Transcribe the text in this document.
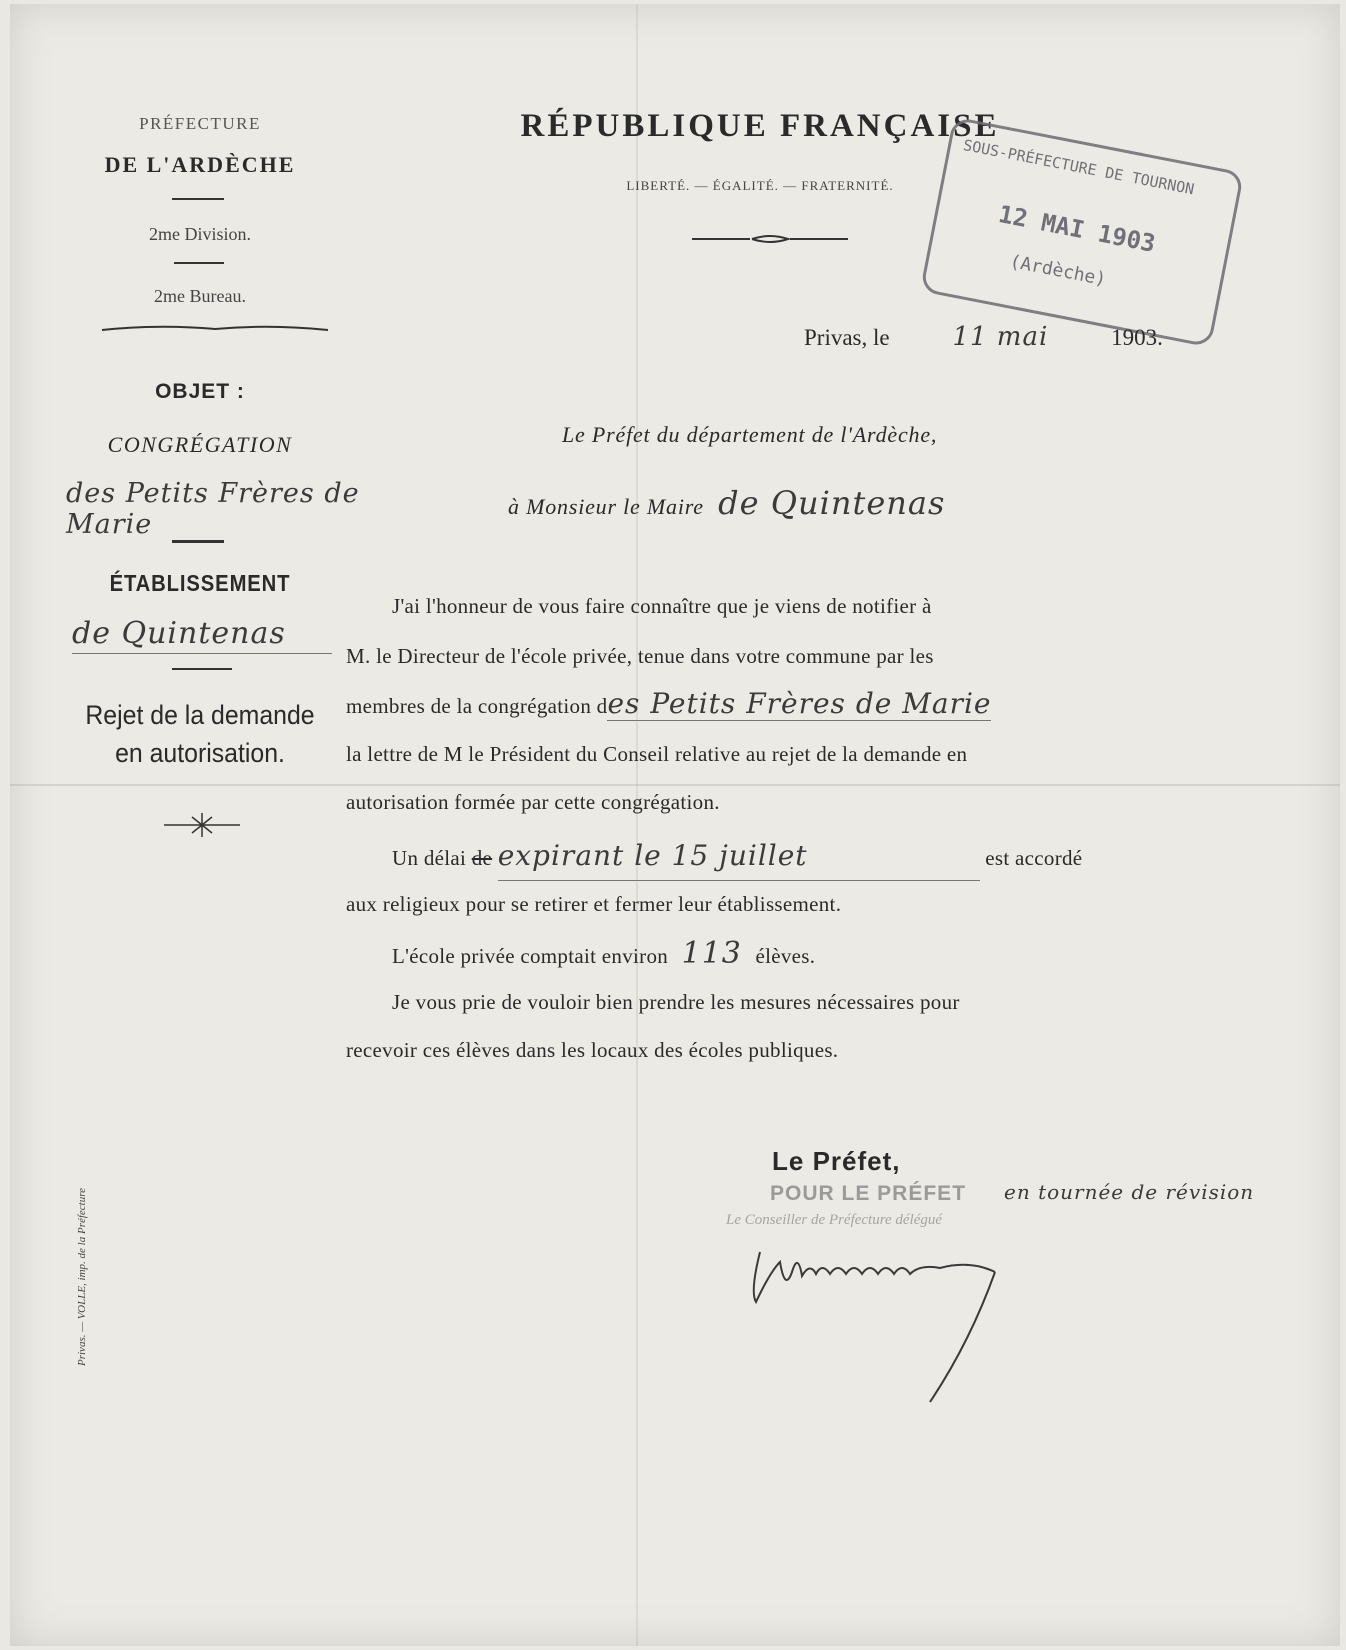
PRÉFECTURE
DE L'ARDÈCHE
2me Division.
2me Bureau.
RÉPUBLIQUE FRANÇAISE
LIBERTÉ. — ÉGALITÉ. — FRATERNITÉ.	SOUS-PRÉFECTURE DE TOURNON
12 MAI 1903
(Ardèche)
Privas, le 11 mai	1903.
OBJET :
CONGRÉGATION
des Petits Frères de Marie
ÉTABLISSEMENT
de Quintenas
Rejet de la demande
en autorisation.
Privas. — VOLLE, imp. de la Préfecture
Le Préfet du département de l'Ardèche,
à Monsieur le Maire de Quintenas
J'ai l'honneur de vous faire connaître que je viens de notifier à
M. le Directeur de l'école privée, tenue dans votre commune par les
membres de la congrégation des Petits Frères de Marie
la lettre de M le Président du Conseil relative au rejet de la demande en
autorisation formée par cette congrégation.
Un délai de expirant le 15 juillet	est accordé
aux religieux pour se retirer et fermer leur établissement.
L'école privée comptait environ 113 élèves.
Je vous prie de vouloir bien prendre les mesures nécessaires pour
recevoir ces élèves dans les locaux des écoles publiques.
Le Préfet,
POUR LE PRÉFET en tournée de révision
Le Conseiller de Préfecture délégué
